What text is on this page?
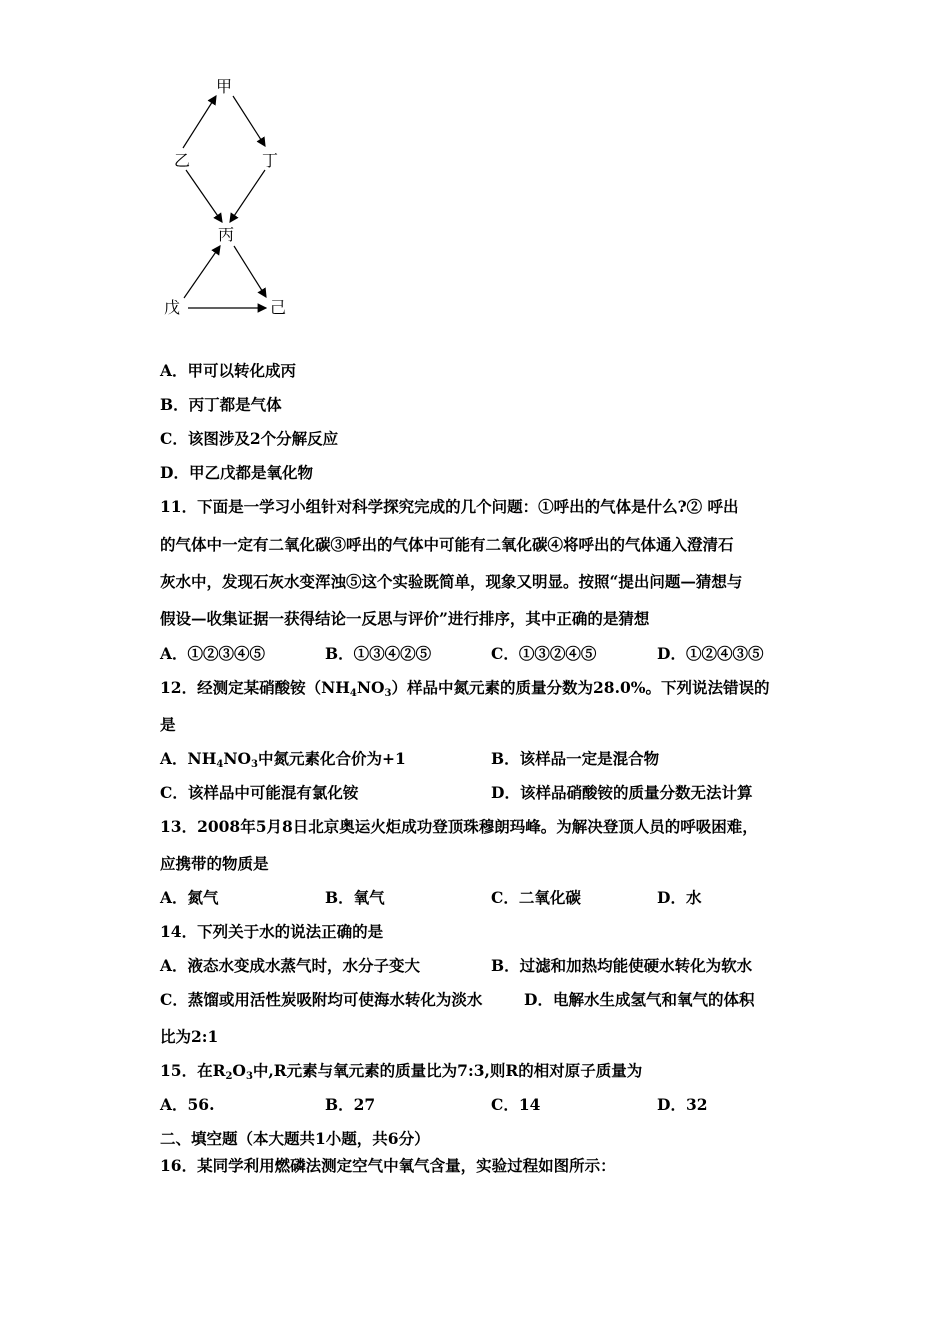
甲
乙	丁
丙
戊	己
A．甲可以转化成丙
B．丙丁都是气体
C．该图涉及2个分解反应
D．甲乙戊都是氧化物
11．下面是一学习小组针对科学探究完成的几个问题：①呼出的气体是什么?② 呼出
的气体中一定有二氧化碳③呼出的气体中可能有二氧化碳④将呼出的气体通入澄清石
灰水中，发现石灰水变浑浊⑤这个实验既简单，现象又明显。按照“提出问题—猜想与
假设—收集证据一获得结论一反思与评价”进行排序，其中正确的是猜想
A．①②③④⑤	B．①③④②⑤	C．①③②④⑤	D．①②④③⑤
12．经测定某硝酸铵$(NH_4NO_3)$样品中氮元素的质量分数为28.0%。下列说法错误的
是
A．$NH_4NO_3$中氮元素化合价为+1	B．该样品一定是混合物
C．该样品中可能混有氯化铵	D．该样品硝酸铵的质量分数无法计算
13．2008年5月8日北京奥运火炬成功登顶珠穆朗玛峰。为解决登顶人员的呼吸困难，
应携带的物质是
A．氮气	B．氧气	C．二氧化碳	D．水
14．下列关于水的说法正确的是
A．液态水变成水蒸气时，水分子变大	B．过滤和加热均能使硬水转化为软水
C．蒸馏或用活性炭吸附均可使海水转化为淡水	D．电解水生成氢气和氧气的体积
比为2:1
15．在$R_2O_3$中,R元素与氧元素的质量比为7:3,则R的相对原子质量为
A．56.	B．27	C．14	D．32
二、填空题（本大题共1小题，共6分）
16．某同学利用燃磷法测定空气中氧气含量，实验过程如图所示：
